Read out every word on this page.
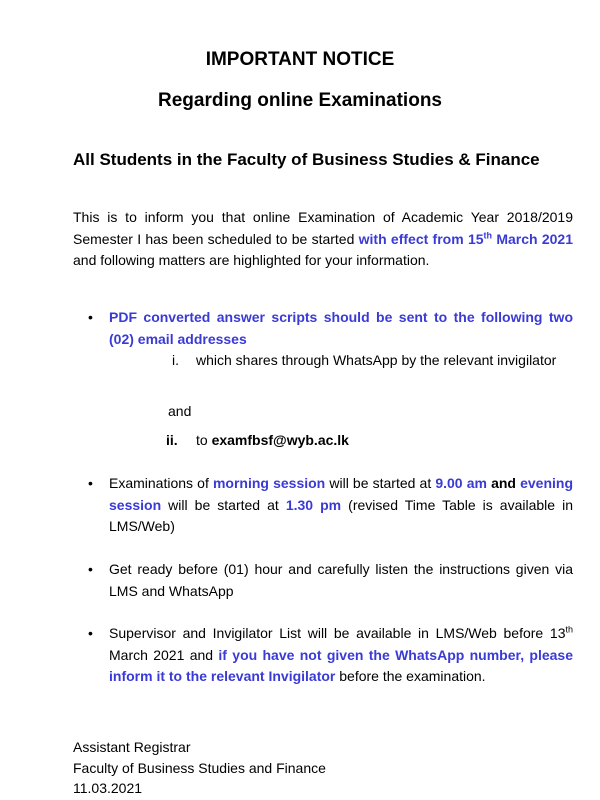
IMPORTANT NOTICE
Regarding online Examinations
All Students in the Faculty of Business Studies & Finance
This is to inform you that online Examination of Academic Year 2018/2019 Semester I has been scheduled to be started with effect from 15th March 2021 and following matters are highlighted for your information.
•	PDF converted answer scripts should be sent to the following two (02) email addresses
i. which shares through WhatsApp by the relevant invigilator
and
ii. to examfbsf@wyb.ac.lk
•	Examinations of morning session will be started at 9.00 am and evening session will be started at 1.30 pm (revised Time Table is available in LMS/Web)
•	Get ready before (01) hour and carefully listen the instructions given via LMS and WhatsApp
•	Supervisor and Invigilator List will be available in LMS/Web before 13th March 2021 and if you have not given the WhatsApp number, please inform it to the relevant Invigilator before the examination.
Assistant Registrar
Faculty of Business Studies and Finance
11.03.2021
